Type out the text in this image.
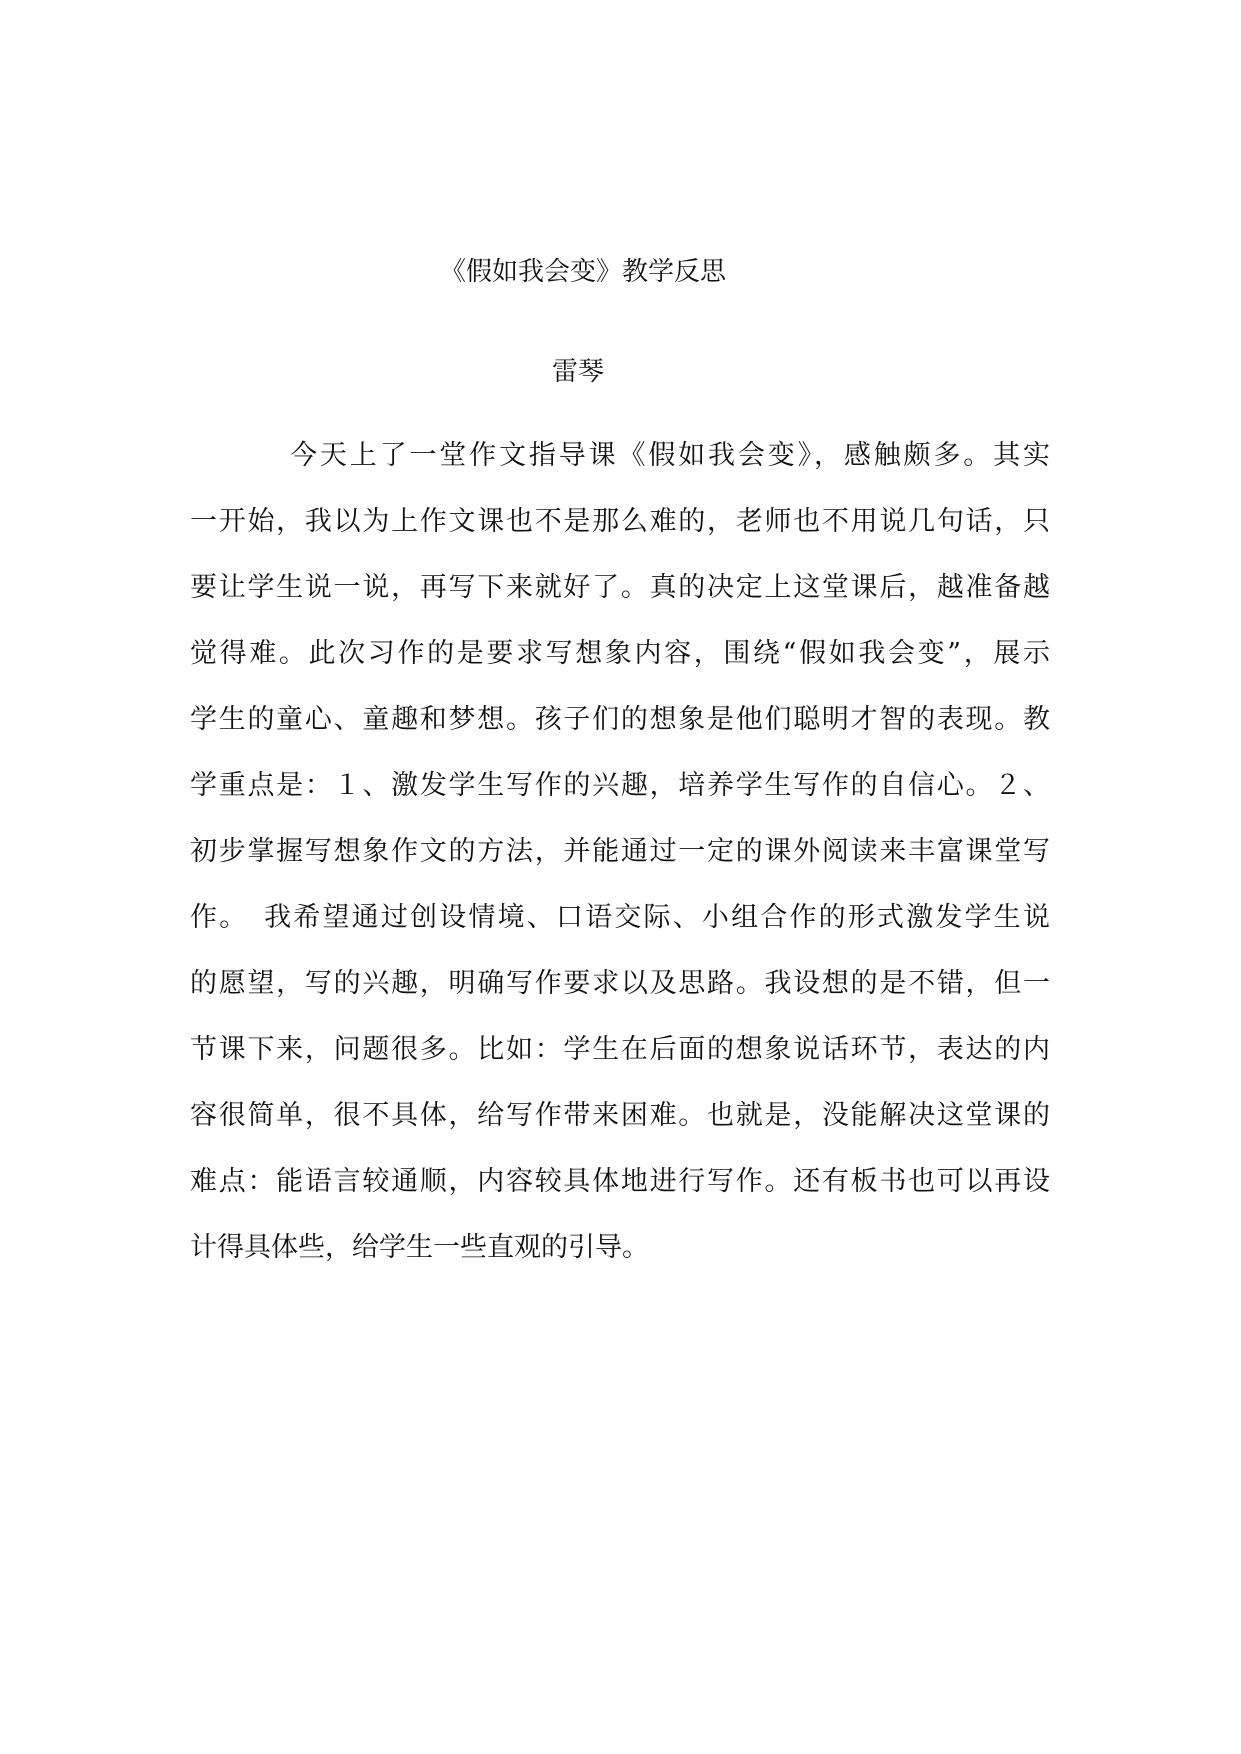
《假如我会变》教学反思
雷琴
今天上了一堂作文指导课《假如我会变》，感触颇多。其实
一开始，我以为上作文课也不是那么难的，老师也不用说几句话，只
要让学生说一说，再写下来就好了。真的决定上这堂课后，越准备越
觉得难。此次习作的是要求写想象内容，围绕“假如我会变”，展示
学生的童心、童趣和梦想。孩子们的想象是他们聪明才智的表现。教
学重点是：１、激发学生写作的兴趣，培养学生写作的自信心。２、
初步掌握写想象作文的方法，并能通过一定的课外阅读来丰富课堂写
作。　我希望通过创设情境、口语交际、小组合作的形式激发学生说
的愿望，写的兴趣，明确写作要求以及思路。我设想的是不错，但一
节课下来，问题很多。比如：学生在后面的想象说话环节，表达的内
容很简单，很不具体，给写作带来困难。也就是，没能解决这堂课的
难点：能语言较通顺，内容较具体地进行写作。还有板书也可以再设
计得具体些，给学生一些直观的引导。
